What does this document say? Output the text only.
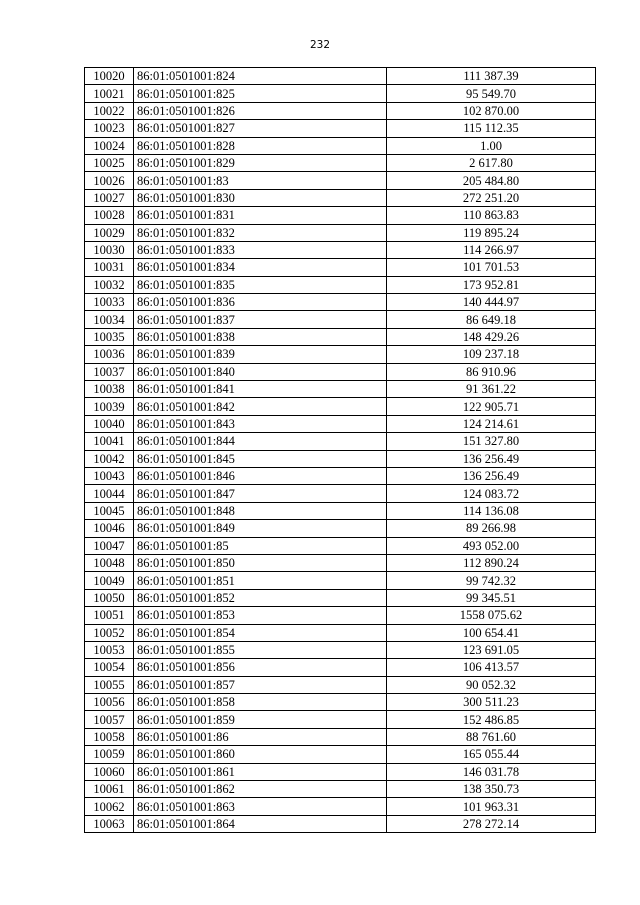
232
10020	86:01:0501001:824	111 387.39
10021	86:01:0501001:825	95 549.70
10022	86:01:0501001:826	102 870.00
10023	86:01:0501001:827	115 112.35
10024	86:01:0501001:828	1.00
10025	86:01:0501001:829	2 617.80
10026	86:01:0501001:83	205 484.80
10027	86:01:0501001:830	272 251.20
10028	86:01:0501001:831	110 863.83
10029	86:01:0501001:832	119 895.24
10030	86:01:0501001:833	114 266.97
10031	86:01:0501001:834	101 701.53
10032	86:01:0501001:835	173 952.81
10033	86:01:0501001:836	140 444.97
10034	86:01:0501001:837	86 649.18
10035	86:01:0501001:838	148 429.26
10036	86:01:0501001:839	109 237.18
10037	86:01:0501001:840	86 910.96
10038	86:01:0501001:841	91 361.22
10039	86:01:0501001:842	122 905.71
10040	86:01:0501001:843	124 214.61
10041	86:01:0501001:844	151 327.80
10042	86:01:0501001:845	136 256.49
10043	86:01:0501001:846	136 256.49
10044	86:01:0501001:847	124 083.72
10045	86:01:0501001:848	114 136.08
10046	86:01:0501001:849	89 266.98
10047	86:01:0501001:85	493 052.00
10048	86:01:0501001:850	112 890.24
10049	86:01:0501001:851	99 742.32
10050	86:01:0501001:852	99 345.51
10051	86:01:0501001:853	1558 075.62
10052	86:01:0501001:854	100 654.41
10053	86:01:0501001:855	123 691.05
10054	86:01:0501001:856	106 413.57
10055	86:01:0501001:857	90 052.32
10056	86:01:0501001:858	300 511.23
10057	86:01:0501001:859	152 486.85
10058	86:01:0501001:86	88 761.60
10059	86:01:0501001:860	165 055.44
10060	86:01:0501001:861	146 031.78
10061	86:01:0501001:862	138 350.73
10062	86:01:0501001:863	101 963.31
10063	86:01:0501001:864	278 272.14
